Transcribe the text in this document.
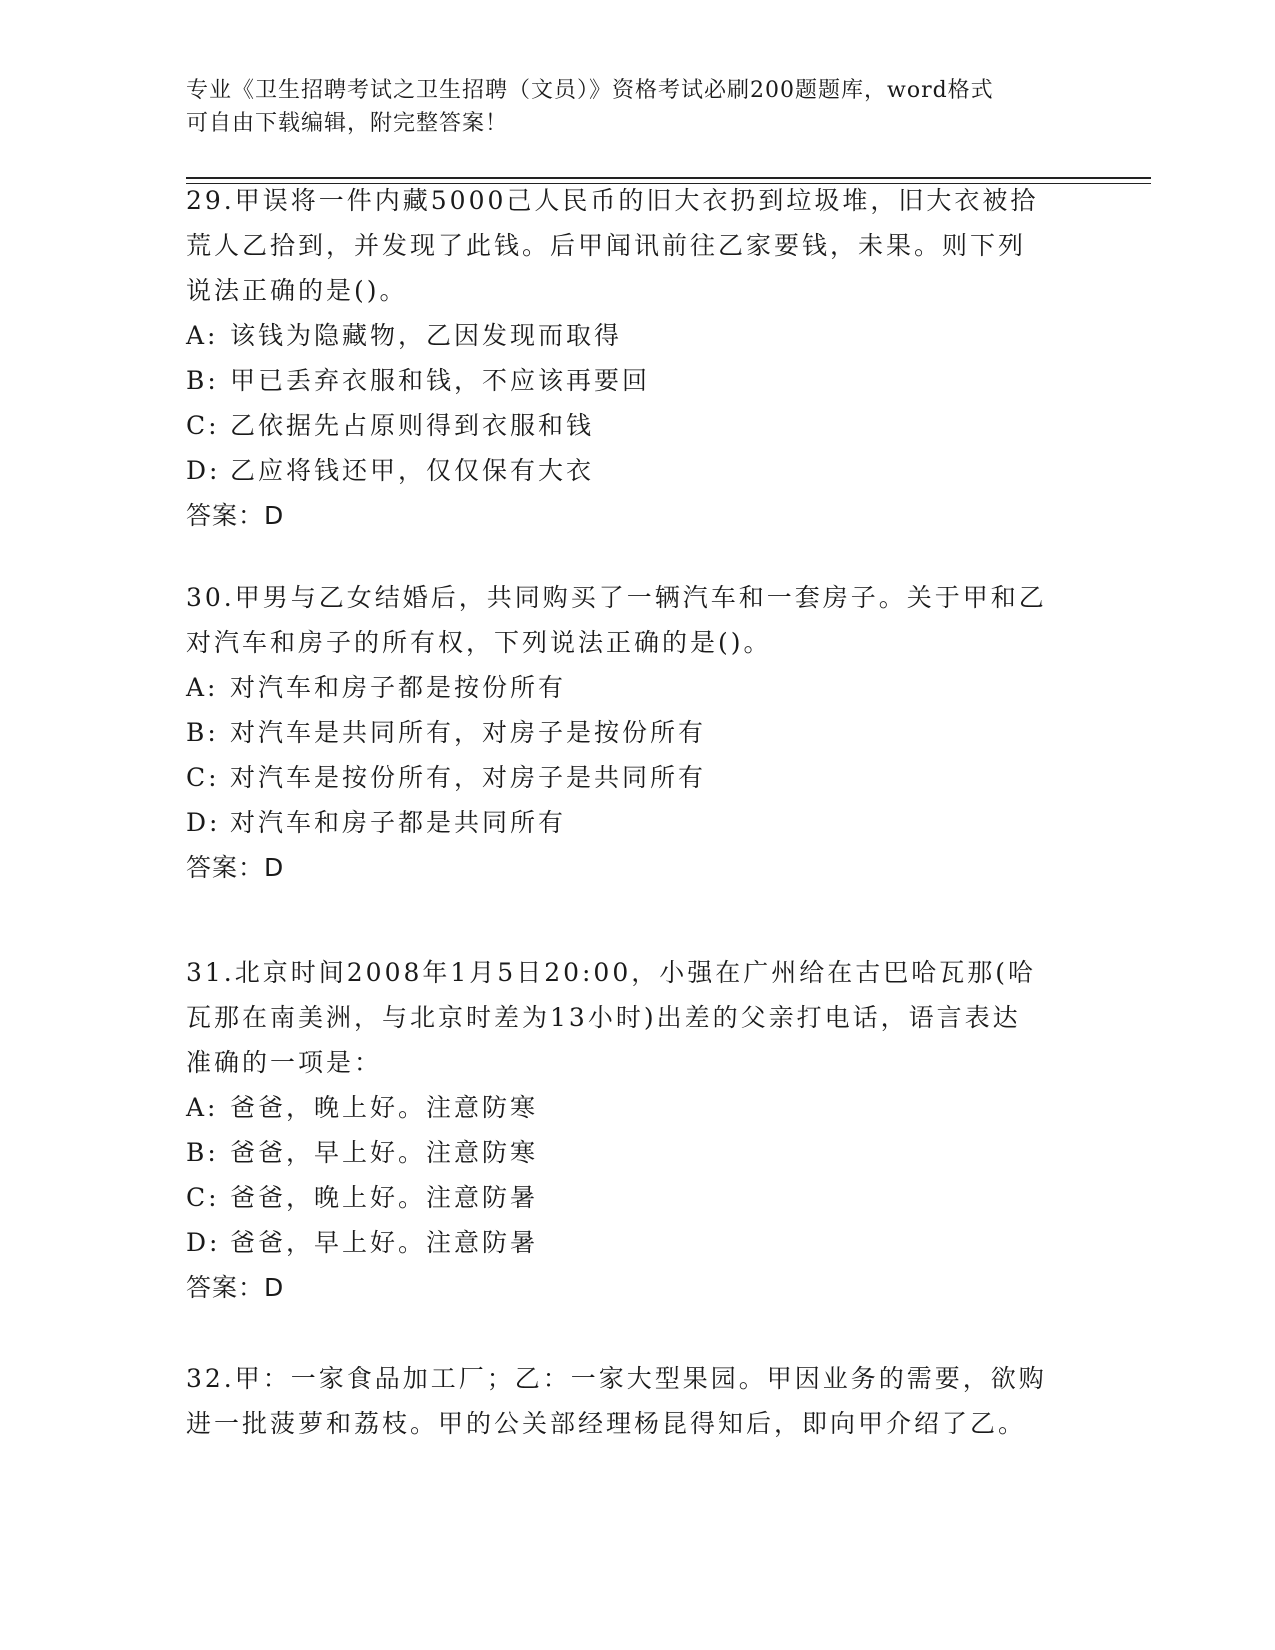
专业《卫生招聘考试之卫生招聘（文员）》资格考试必刷200题题库，word格式
可自由下载编辑，附完整答案！

29.甲误将一件内藏5000己人民币的旧大衣扔到垃圾堆，旧大衣被拾

荒人乙拾到，并发现了此钱。后甲闻讯前往乙家要钱，未果。则下列

说法正确的是()。

A: 该钱为隐藏物，乙因发现而取得

B: 甲已丢弃衣服和钱，不应该再要回

C: 乙依据先占原则得到衣服和钱

D: 乙应将钱还甲，仅仅保有大衣

答案：D

30.甲男与乙女结婚后，共同购买了一辆汽车和一套房子。关于甲和乙

对汽车和房子的所有权，下列说法正确的是()。

A: 对汽车和房子都是按份所有

B: 对汽车是共同所有，对房子是按份所有

C: 对汽车是按份所有，对房子是共同所有

D: 对汽车和房子都是共同所有

答案：D

31.北京时间2008年1月5日20:00，小强在广州给在古巴哈瓦那(哈

瓦那在南美洲，与北京时差为13小时)出差的父亲打电话，语言表达

准确的一项是：

A: 爸爸，晚上好。注意防寒

B: 爸爸，早上好。注意防寒

C: 爸爸，晚上好。注意防暑

D: 爸爸，早上好。注意防暑

答案：D

32.甲：一家食品加工厂；乙：一家大型果园。甲因业务的需要，欲购

进一批菠萝和荔枝。甲的公关部经理杨昆得知后，即向甲介绍了乙。
